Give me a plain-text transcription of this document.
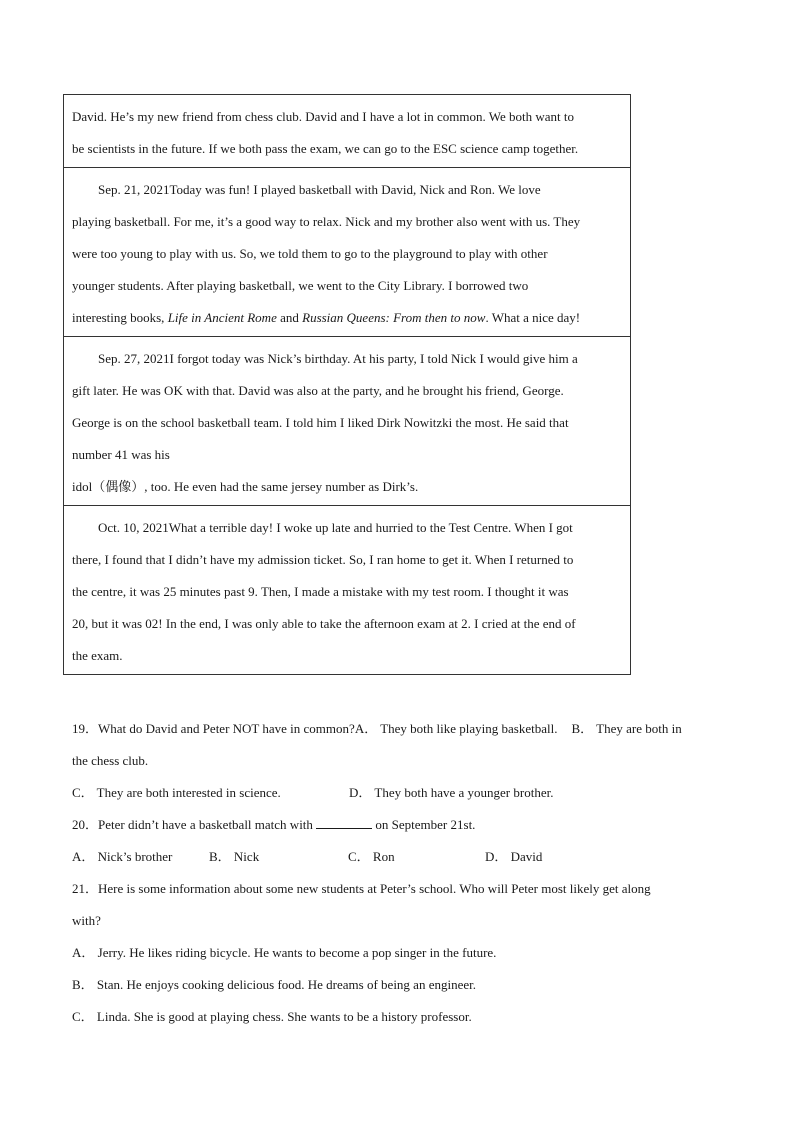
David. He’s my new friend from chess club. David and I have a lot in common. We both want to

be scientists in the future. If we both pass the exam, we can go to the ESC science camp together.

Sep. 21, 2021Today was fun! I played basketball with David, Nick and Ron. We love

playing basketball. For me, it’s a good way to relax. Nick and my brother also went with us. They

were too young to play with us. So, we told them to go to the playground to play with other

younger students. After playing basketball, we went to the City Library. I borrowed two

interesting books, Life in Ancient Rome and Russian Queens: From then to now. What a nice day!

Sep. 27, 2021I forgot today was Nick’s birthday. At his party, I told Nick I would give him a

gift later. He was OK with that. David was also at the party, and he brought his friend, George.

George is on the school basketball team. I told him I liked Dirk Nowitzki the most. He said that

number 41 was his

idol（偶像）, too. He even had the same jersey number as Dirk’s.

Oct. 10, 2021What a terrible day! I woke up late and hurried to the Test Centre. When I got

there, I found that I didn’t have my admission ticket. So, I ran home to get it. When I returned to

the centre, it was 25 minutes past 9. Then, I made a mistake with my test room. I thought it was

20, but it was 02! In the end, I was only able to take the afternoon exam at 2. I cried at the end of

the exam.

19．What do David and Peter NOT have in common?A． They both like playing basketball. B． They are both in
the chess club.
C． They are both interested in science.	D． They both have a younger brother.
20．Peter didn’t have a basketball match with	on September 21st.
A． Nick’s brother	B． Nick	C． Ron	D． David
21．Here is some information about some new students at Peter’s school. Who will Peter most likely get along
with?
A． Jerry. He likes riding bicycle. He wants to become a pop singer in the future.
B． Stan. He enjoys cooking delicious food. He dreams of being an engineer.
C． Linda. She is good at playing chess. She wants to be a history professor.
